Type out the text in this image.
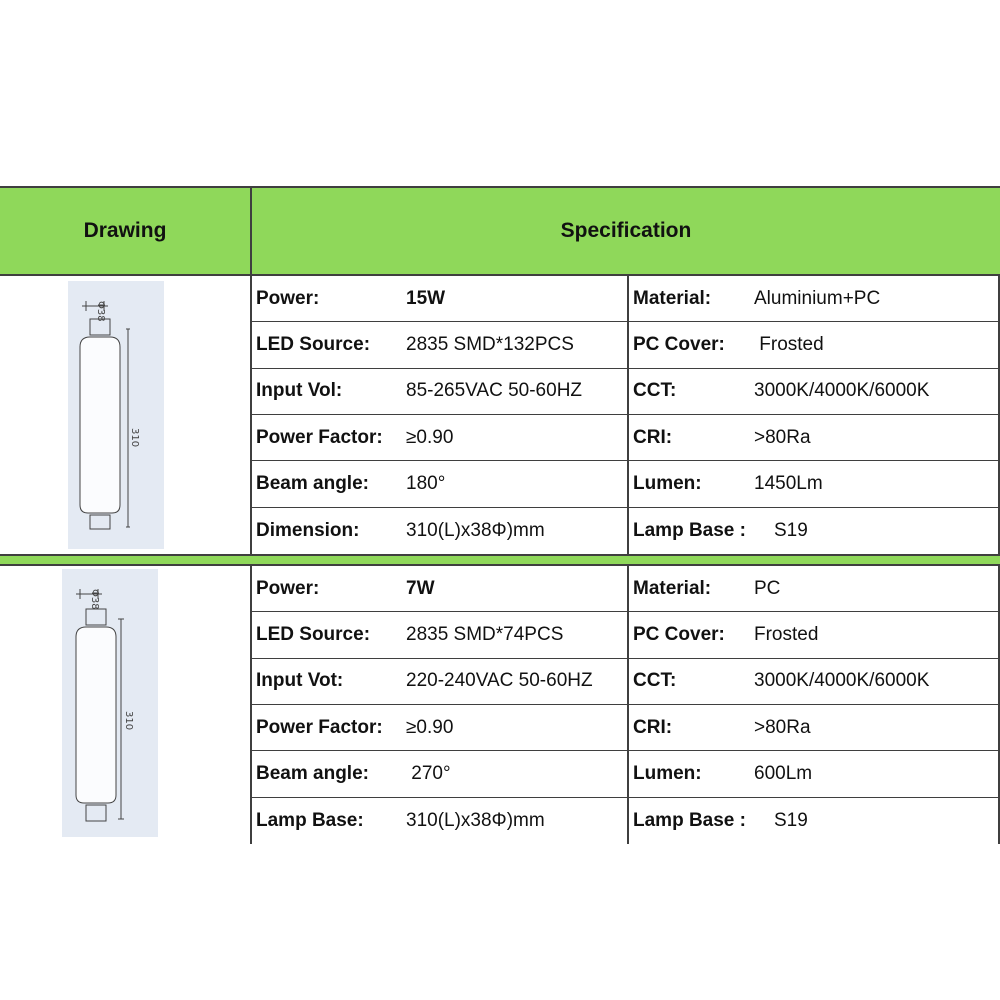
Drawing	Specification
Φ38
310
Power:	15W	Material: Aluminium+PC
LED Source: 2835 SMD*132PCS	PC Cover: Frosted
Input Vol:	85-265VAC 50-60HZ	CCT:	3000K/4000K/6000K
Power Factor: ≥0.90	CRI:	>80Ra
Beam angle: 180°	Lumen:	1450Lm
Dimension: 310(L)x38Φ)mm	Lamp Base : S19
Φ38
310
Power:	7W	Material: PC
LED Source: 2835 SMD*74PCS	PC Cover: Frosted
Input Vot:	220-240VAC 50-60HZ CCT:	3000K/4000K/6000K
Power Factor: ≥0.90	CRI:	>80Ra
Beam angle: 270°	Lumen:	600Lm
Lamp Base: 310(L)x38Φ)mm	Lamp Base : S19
